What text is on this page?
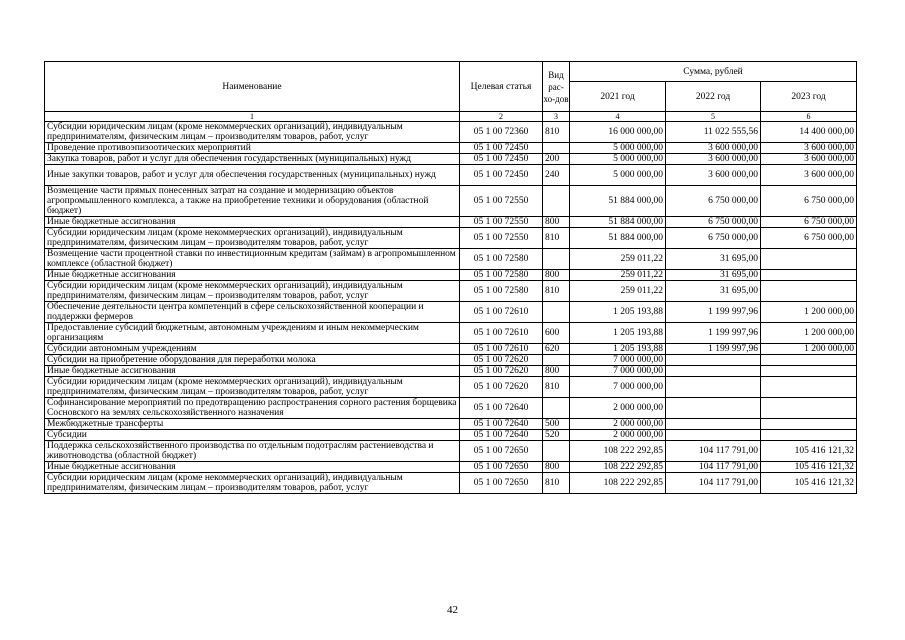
Наименование	Целевая статья	Вид рас-хо-дов	Сумма, рублей		
			2021 год	2022 год	2023 год
1	2	3	4	5	6
Субсидии юридическим лицам (кроме некоммерческих организаций), индивидуальным предпринимателям, физическим лицам – производителям товаров, работ, услуг	05 1 00 72360	810	16 000 000,00	11 022 555,56	14 400 000,00
Проведение противоэпизоотических мероприятий	05 1 00 72450		5 000 000,00	3 600 000,00	3 600 000,00
Закупка товаров, работ и услуг для обеспечения государственных (муниципальных) нужд	05 1 00 72450	200	5 000 000,00	3 600 000,00	3 600 000,00
Иные закупки товаров, работ и услуг для обеспечения государственных (муниципальных) нужд	05 1 00 72450	240	5 000 000,00	3 600 000,00	3 600 000,00
Возмещение части прямых понесенных затрат на создание и модернизацию объектов агропромышленного комплекса, а также на приобретение техники и оборудования (областной бюджет)	05 1 00 72550		51 884 000,00	6 750 000,00	6 750 000,00
Иные бюджетные ассигнования	05 1 00 72550	800	51 884 000,00	6 750 000,00	6 750 000,00
Субсидии юридическим лицам (кроме некоммерческих организаций), индивидуальным предпринимателям, физическим лицам – производителям товаров, работ, услуг	05 1 00 72550	810	51 884 000,00	6 750 000,00	6 750 000,00
Возмещение части процентной ставки по инвестиционным кредитам (займам) в агропромышленном комплексе (областной бюджет)	05 1 00 72580		259 011,22	31 695,00	
Иные бюджетные ассигнования	05 1 00 72580	800	259 011,22	31 695,00	
Субсидии юридическим лицам (кроме некоммерческих организаций), индивидуальным предпринимателям, физическим лицам – производителям товаров, работ, услуг	05 1 00 72580	810	259 011,22	31 695,00	
Обеспечение деятельности центра компетенций в сфере сельскохозяйственной кооперации и поддержки фермеров	05 1 00 72610		1 205 193,88	1 199 997,96	1 200 000,00
Предоставление субсидий бюджетным, автономным учреждениям и иным некоммерческим организациям	05 1 00 72610	600	1 205 193,88	1 199 997,96	1 200 000,00
Субсидии автономным учреждениям	05 1 00 72610	620	1 205 193,88	1 199 997,96	1 200 000,00
Субсидии на приобретение оборудования для переработки молока	05 1 00 72620		7 000 000,00		
Иные бюджетные ассигнования	05 1 00 72620	800	7 000 000,00		
Субсидии юридическим лицам (кроме некоммерческих организаций), индивидуальным предпринимателям, физическим лицам – производителям товаров, работ, услуг	05 1 00 72620	810	7 000 000,00		
Софинансирование мероприятий по предотвращению распространения сорного растения борщевика Сосновского на землях сельскохозяйственного назначения	05 1 00 72640		2 000 000,00		
Межбюджетные трансферты	05 1 00 72640	500	2 000 000,00		
Субсидии	05 1 00 72640	520	2 000 000,00		
Поддержка сельскохозяйственного производства по отдельным подотраслям растениеводства и животноводства (областной бюджет)	05 1 00 72650		108 222 292,85	104 117 791,00	105 416 121,32
Иные бюджетные ассигнования	05 1 00 72650	800	108 222 292,85	104 117 791,00	105 416 121,32
Субсидии юридическим лицам (кроме некоммерческих организаций), индивидуальным предпринимателям, физическим лицам – производителям товаров, работ, услуг	05 1 00 72650	810	108 222 292,85	104 117 791,00	105 416 121,32
42
